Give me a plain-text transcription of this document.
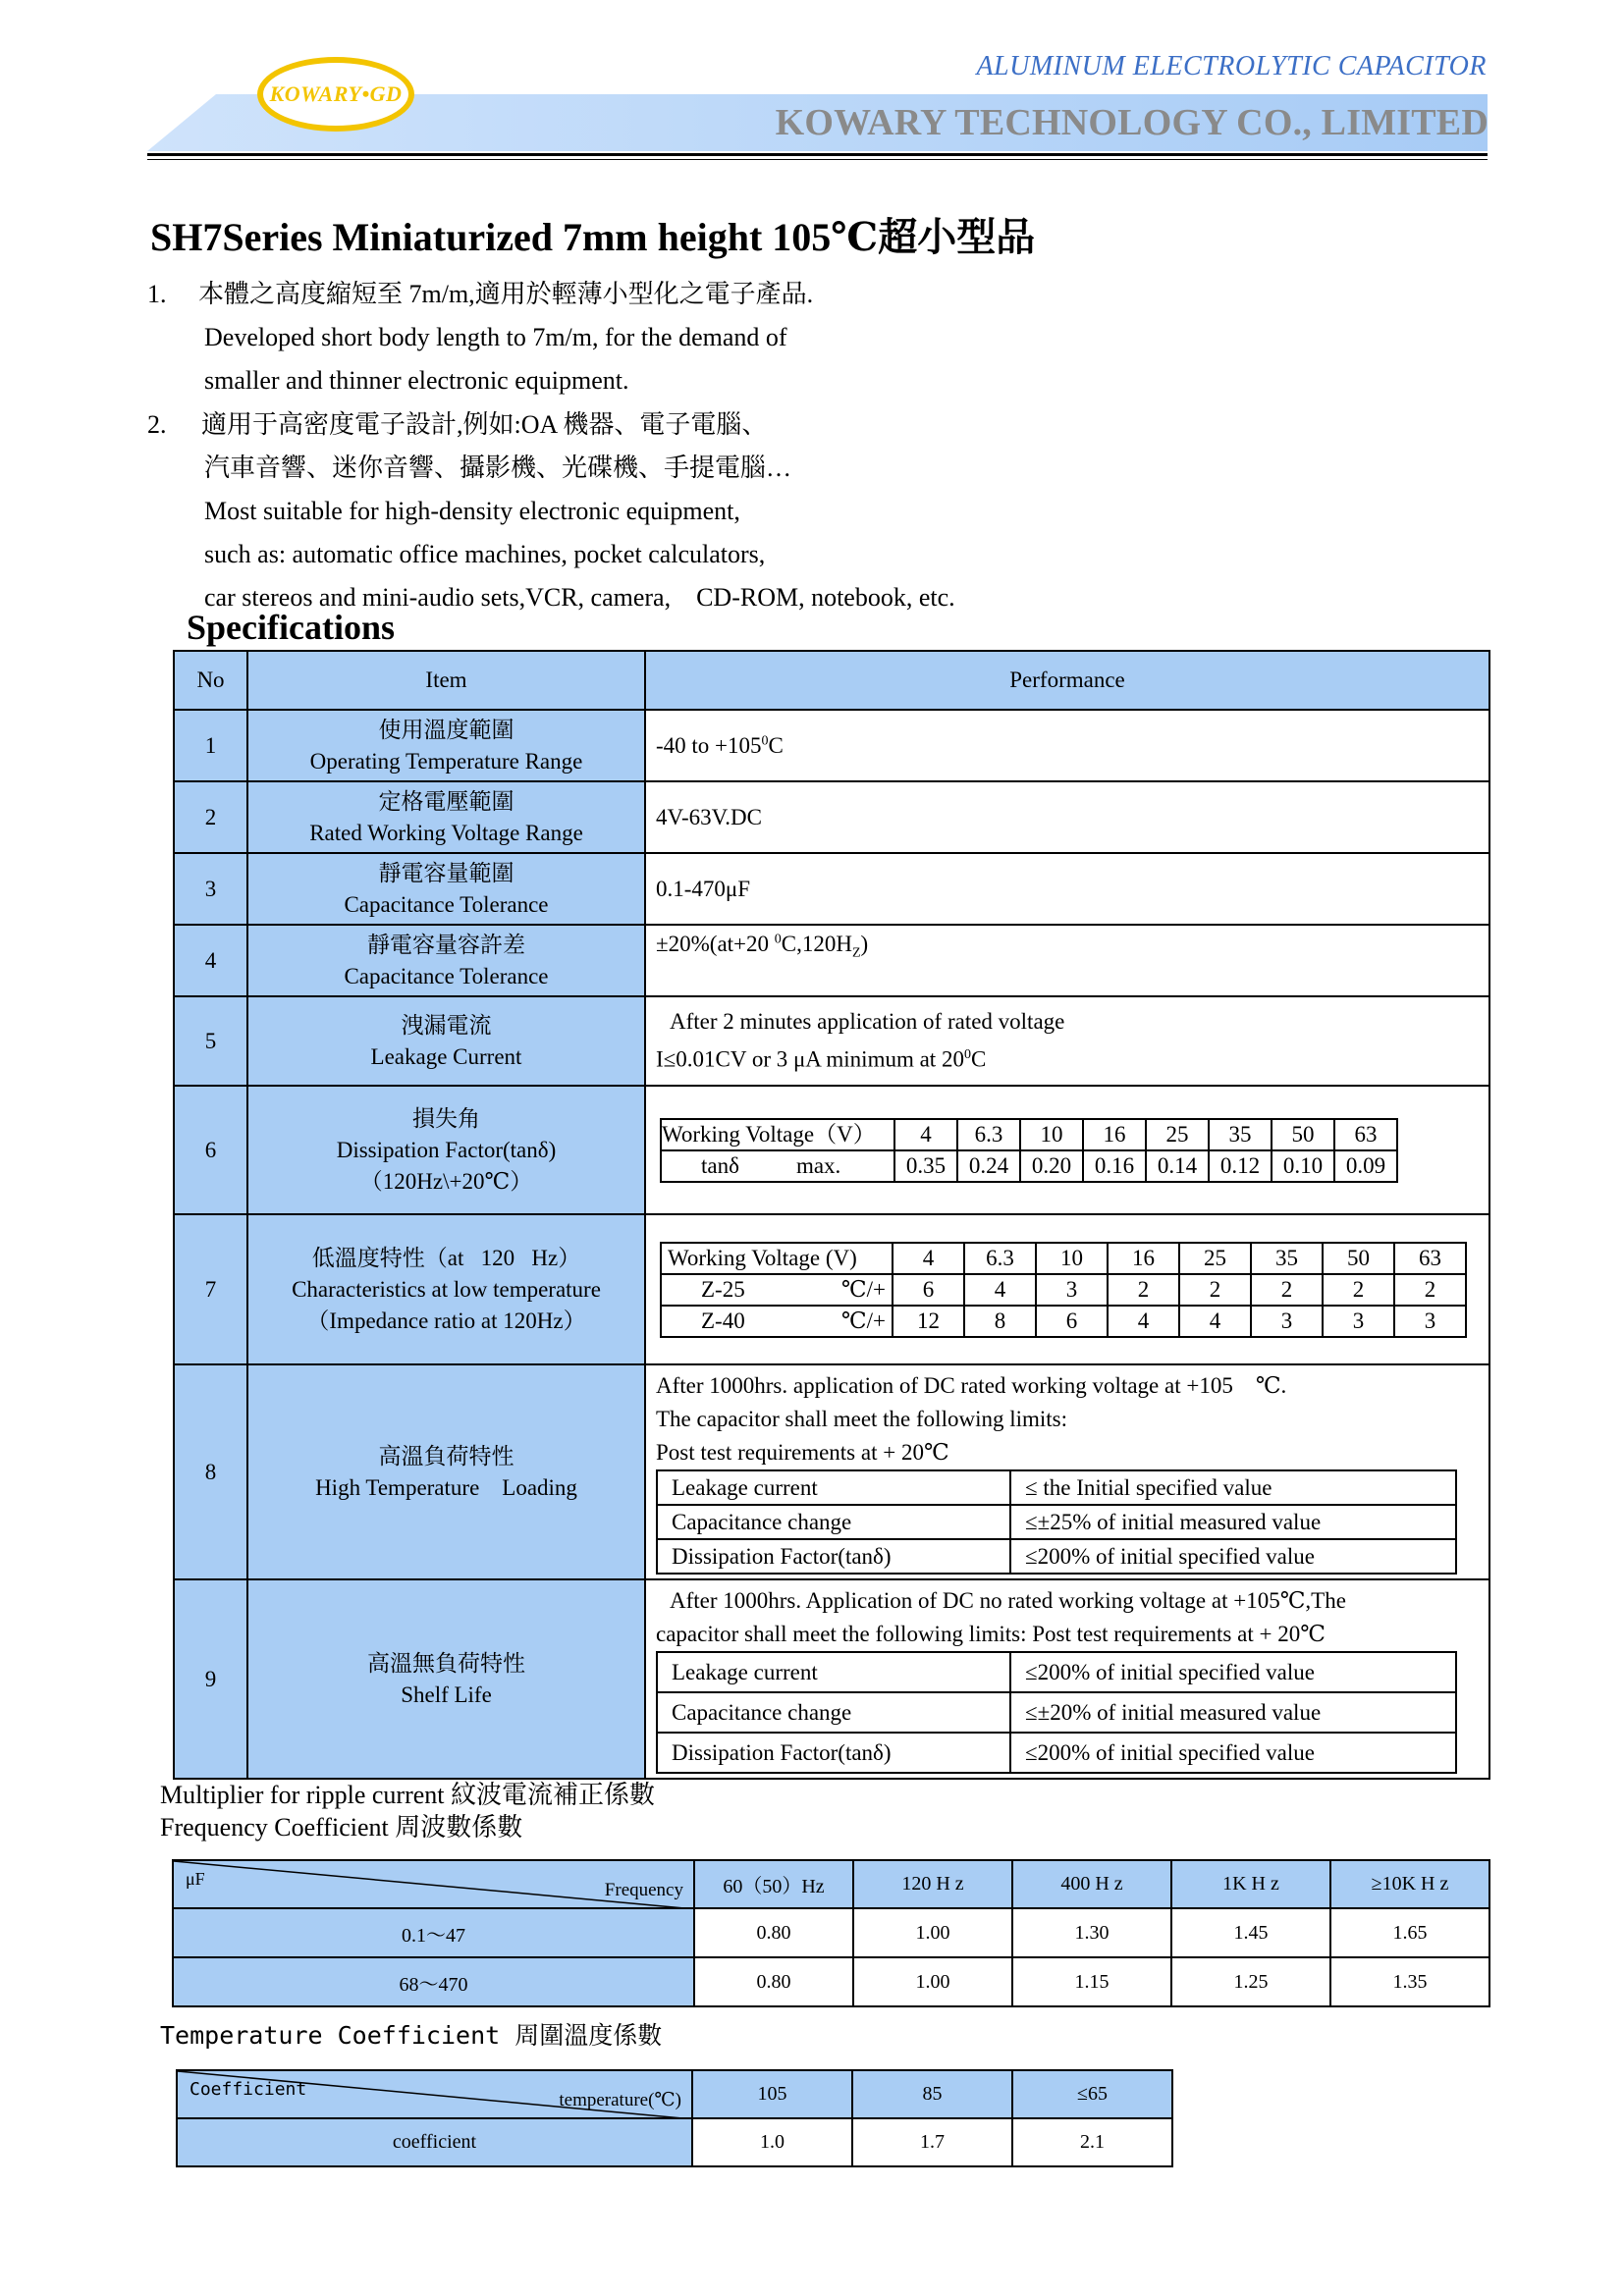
KOWARY•GD
ALUMINUM ELECTROLYTIC CAPACITOR
KOWARY TECHNOLOGY CO., LIMITED
SH7Series Miniaturized 7mm height 105℃超小型品
1. 本體之高度縮短至 7m/m,適用於輕薄小型化之電子產品.
Developed short body length to 7m/m, for the demand of
smaller and thinner electronic equipment.
2. 適用于高密度電子設計,例如:OA 機器、電子電腦、
汽車音響、迷你音響、攝影機、光碟機、手提電腦…
Most suitable for high-density electronic equipment,
such as: automatic office machines, pocket calculators,
car stereos and mini-audio sets,VCR, camera,    CD-ROM, notebook, etc.
Specifications
No	Item	Performance
1	
使用溫度範圍
Operating Temperature Range
	-40 to $+105^0C$
2	
定格電壓範圍
Rated Working Voltage Range
	4V-63V.DC
3	
靜電容量範圍
Capacitance Tolerance
	0.1-470μF
4	
靜電容量容許差
Capacitance Tolerance
	±20%(at+20 $^0C,120H_Z$)
5	
洩漏電流
Leakage Current

After 2 minutes application of rated voltage
I≤0.01CV or 3 μA minimum at $20^0C$

6	
損失角
Dissipation Factor(tanδ)
（120Hz\+20℃）

Working Voltage（V）	4	6.3	10	16	25	35	50	63
tanδ	max.	0.35	0.24	0.20	0.16	0.14	0.12	0.10	0.09

7	
低溫度特性（at   120   Hz）
Characteristics at low temperature
（Impedance ratio at 120Hz）

Working Voltage (V)	4	6.3	10	16	25	35	50	63
Z-25	℃/+	6	4	3	2	2	2	2	2
Z-40	℃/+	12	8	6	4	4	3	3	3

8	
高溫負荷特性
High Temperature    Loading

After 1000hrs. application of DC rated working voltage at +105    ℃.
The capacitor shall meet the following limits:
Post test requirements at + 20℃
Leakage current	≤ the Initial specified value
Capacitance change	≤±25% of initial measured value
Dissipation Factor(tanδ)	≤200% of initial specified value

9	
高溫無負荷特性
Shelf Life

After 1000hrs. Application of DC no rated working voltage at +105℃,The
capacitor shall meet the following limits: Post test requirements at + 20℃
Leakage current	≤200% of initial specified value
Capacitance change	≤±20% of initial measured value
Dissipation Factor(tanδ)	≤200% of initial specified value
Multiplier for ripple current 紋波電流補正係數
Frequency Coefficient 周波數係數
μF
Frequency	60（50）Hz	120 H z	400 H z	1K H z	≥10K H z
0.1～47	0.80	1.00	1.30	1.45	1.65
68～470	0.80	1.00	1.15	1.25	1.35
Temperature Coefficient 周圍溫度係數
Coefficient
temperature(℃)	105	85	≤65
coefficient	1.0	1.7	2.1
